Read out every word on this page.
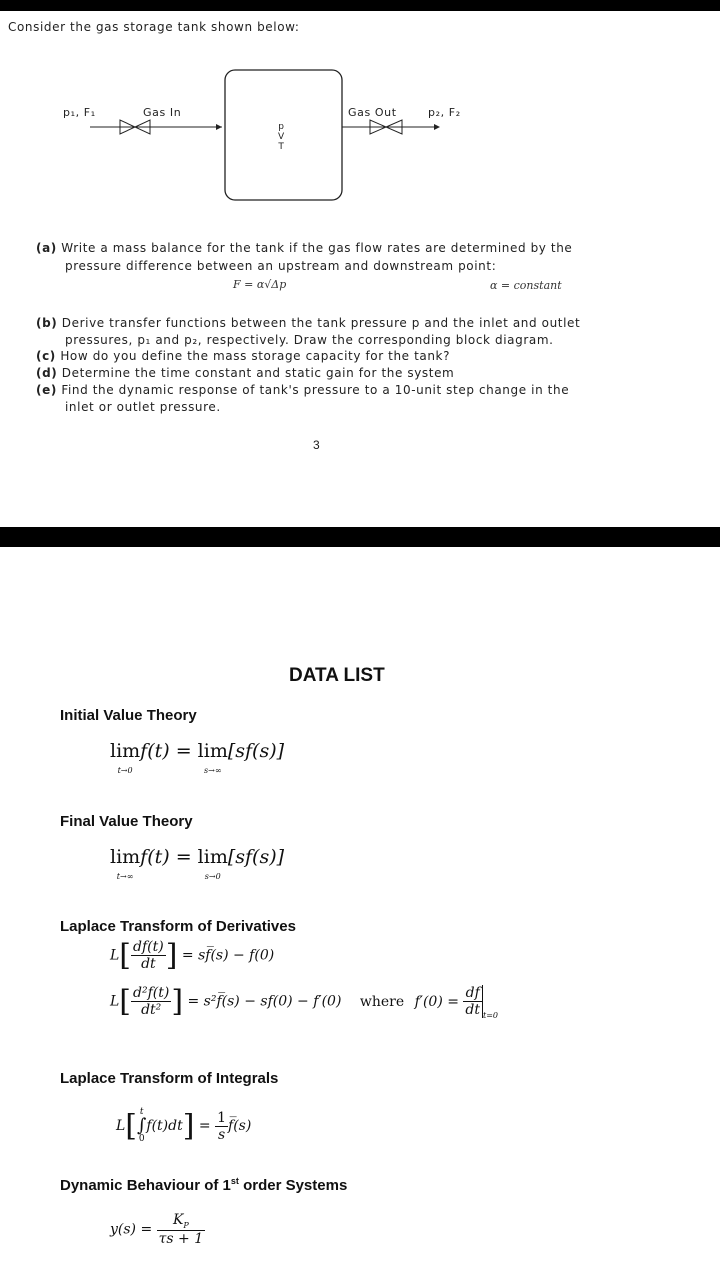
Consider the gas storage tank shown below:
p₁, F₁	Gas In	Gas Out	p₂, F₂
p
V
T
(a) Write a mass balance for the tank if the gas flow rates are determined by the
pressure difference between an upstream and downstream point:
F = α√Δp	α = constant
(b) Derive transfer functions between the tank pressure p and the inlet and outlet
pressures, p₁ and p₂, respectively. Draw the corresponding block diagram.
(c) How do you define the mass storage capacity for the tank?
(d) Determine the time constant and static gain for the system
(e) Find the dynamic response of tank's pressure to a 10-unit step change in the
inlet or outlet pressure.
3
DATA LIST
Initial Value Theory
lim
$^{t\to 0}$f(t) = lim
$^{s\to\infty}$[sf(s)]
Final Value Theory
lim
$^{t\to\infty}$f(t) = lim
$^{s\to 0}$[sf(s)]
Laplace Transform of Derivatives
$L[ \frac{df(t)}{dt}$ ] = sf̅(s) − f(0)
$L[ \frac{\text{d²f(t)}}{\text{dt²}}$ ] = s²f̅(s) − sf(0) − f′(0) where $f'(0) = \frac{df}{dt} _{t=0}$
Laplace Transform of Integrals
L[ t
∫
$0f(t)dt] = \frac{1}{s}$ f̅(s)
Dynamic Behaviour of 1st order Systems
$y(s) = \frac{K_P}{\tau s + 1}$
